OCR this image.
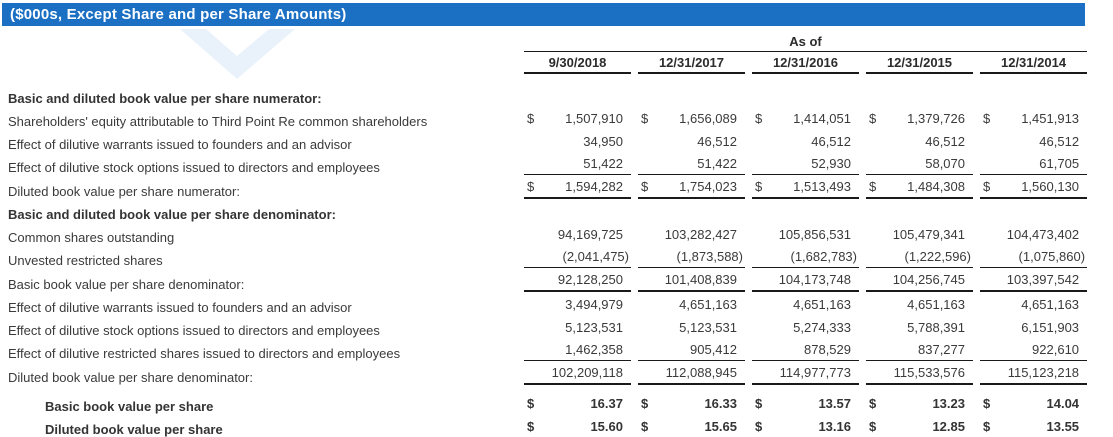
($000s, Except Share and per Share Amounts)

	As of				

	9/30/2018	12/31/2017	12/31/2016	12/31/2015	12/31/2014

Basic and diluted book value per share numerator:	

Shareholders' equity attributable to Third Point Re common shareholders	$ 1,507,910	$ 1,656,089	$ 1,414,051	$ 1,379,726	$ 1,451,913

Effect of dilutive warrants issued to founders and an advisor	34,950	46,512	46,512	46,512	46,512

Effect of dilutive stock options issued to directors and employees	51,422	51,422	52,930	58,070	61,705

Diluted book value per share numerator:	$ 1,594,282	$ 1,754,023	$ 1,513,493	$ 1,484,308	$ 1,560,130

Basic and diluted book value per share denominator:	

Common shares outstanding	94,169,725	103,282,427	105,856,531	105,479,341	104,473,402

Unvested restricted shares	(2,041,475)	(1,873,588)	(1,682,783)	(1,222,596)	(1,075,860)

Basic book value per share denominator:	92,128,250	101,408,839	104,173,748	104,256,745	103,397,542

Effect of dilutive warrants issued to founders and an advisor	3,494,979	4,651,163	4,651,163	4,651,163	4,651,163

Effect of dilutive stock options issued to directors and employees	5,123,531	5,123,531	5,274,333	5,788,391	6,151,903

Effect of dilutive restricted shares issued to directors and employees	1,462,358	905,412	878,529	837,277	922,610

Diluted book value per share denominator:	102,209,118	112,088,945	114,977,773	115,533,576	115,123,218

Basic book value per share	$ 16.37	$ 16.33	$ 13.57	$ 13.23	$ 14.04

Diluted book value per share	$ 15.60	$ 15.65	$ 13.16	$ 12.85	$ 13.55
